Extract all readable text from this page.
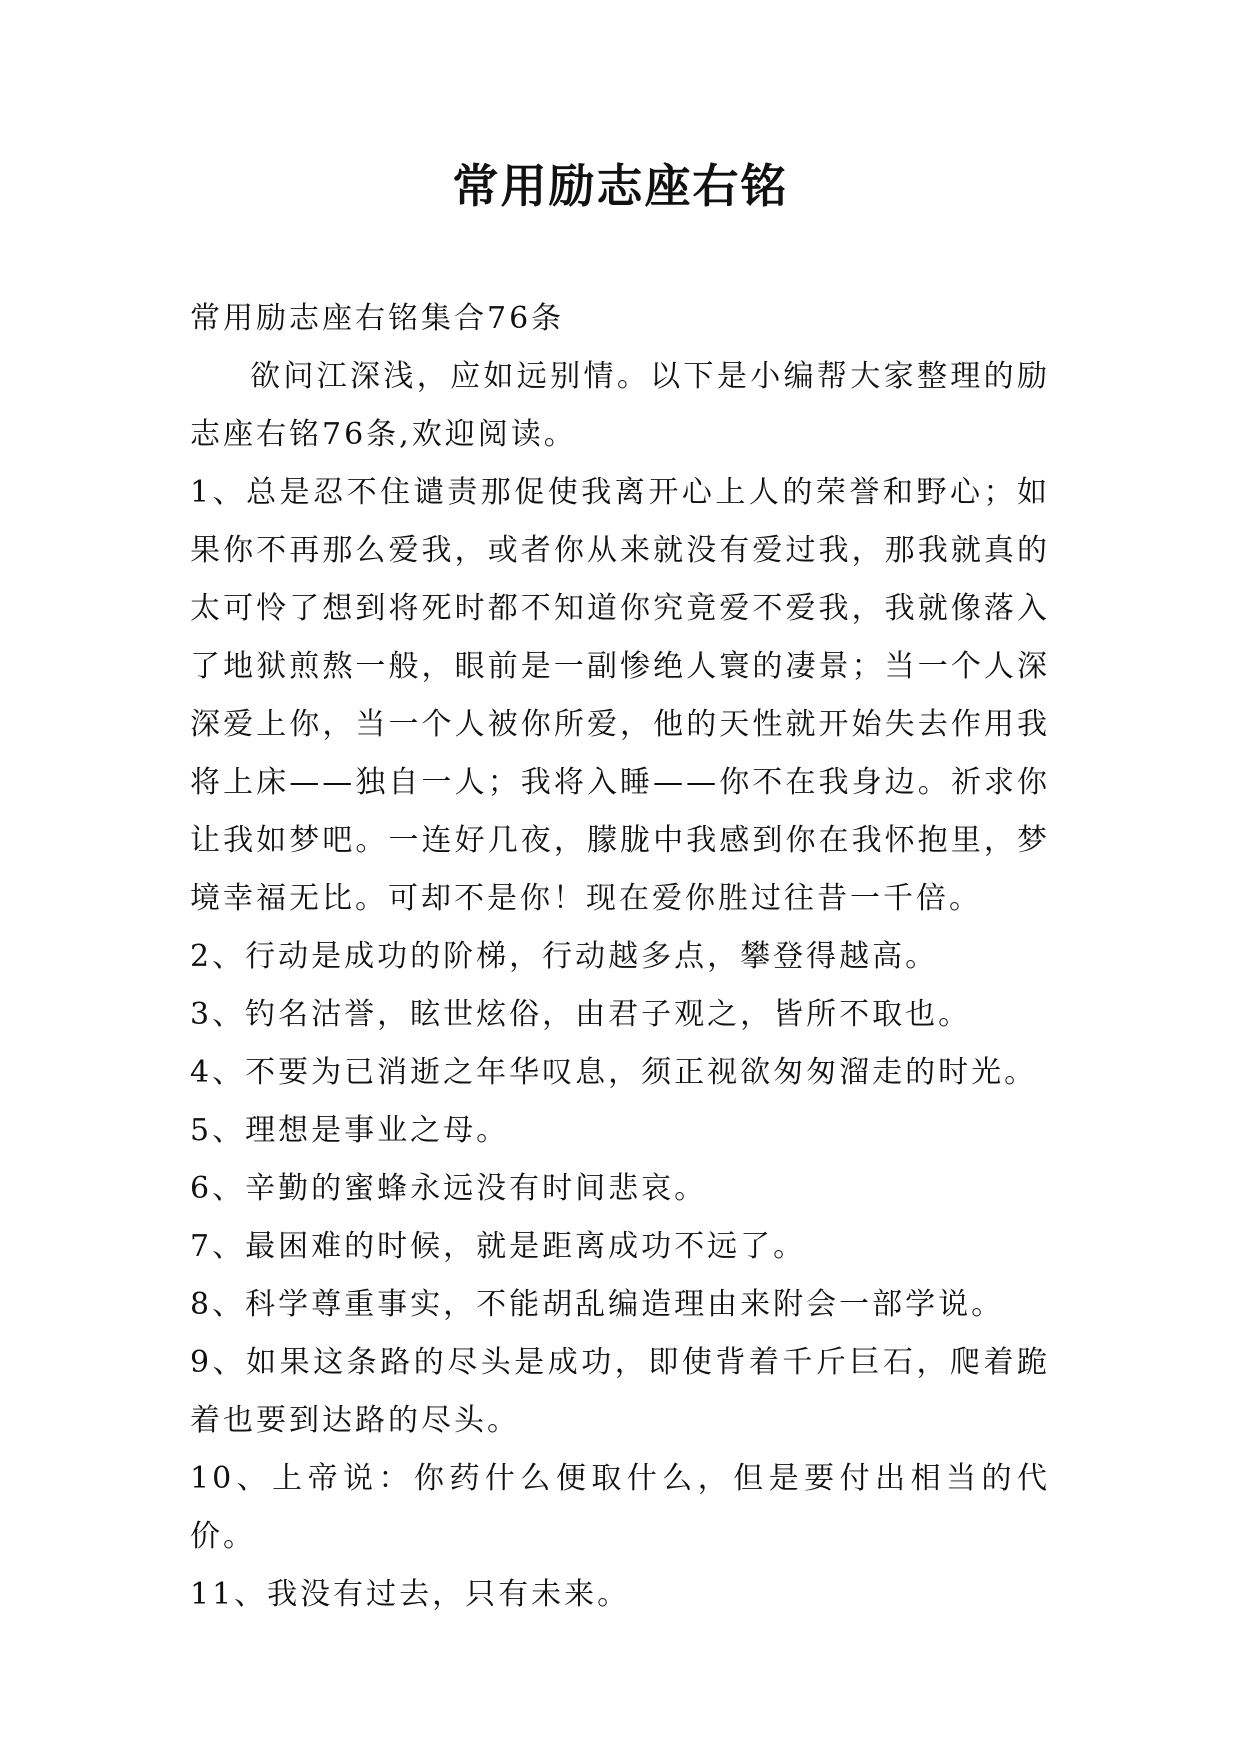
常用励志座右铭

常用励志座右铭集合76条

欲问江深浅，应如远别情。以下是小编帮大家整理的励志座右铭76条,欢迎阅读。

1、总是忍不住谴责那促使我离开心上人的荣誉和野心；如果你不再那么爱我，或者你从来就没有爱过我，那我就真的太可怜了想到将死时都不知道你究竟爱不爱我，我就像落入了地狱煎熬一般，眼前是一副惨绝人寰的凄景；当一个人深深爱上你，当一个人被你所爱，他的天性就开始失去作用我将上床——独自一人；我将入睡——你不在我身边。祈求你让我如梦吧。一连好几夜，朦胧中我感到你在我怀抱里，梦境幸福无比。可却不是你！现在爱你胜过往昔一千倍。

2、行动是成功的阶梯，行动越多点，攀登得越高。

3、钓名沽誉，眩世炫俗，由君子观之，皆所不取也。

4、不要为已消逝之年华叹息，须正视欲匆匆溜走的时光。

5、理想是事业之母。

6、辛勤的蜜蜂永远没有时间悲哀。

7、最困难的时候，就是距离成功不远了。

8、科学尊重事实，不能胡乱编造理由来附会一部学说。

9、如果这条路的尽头是成功，即使背着千斤巨石，爬着跪着也要到达路的尽头。

10、上帝说：你药什么便取什么，但是要付出相当的代价。

11、我没有过去，只有未来。
